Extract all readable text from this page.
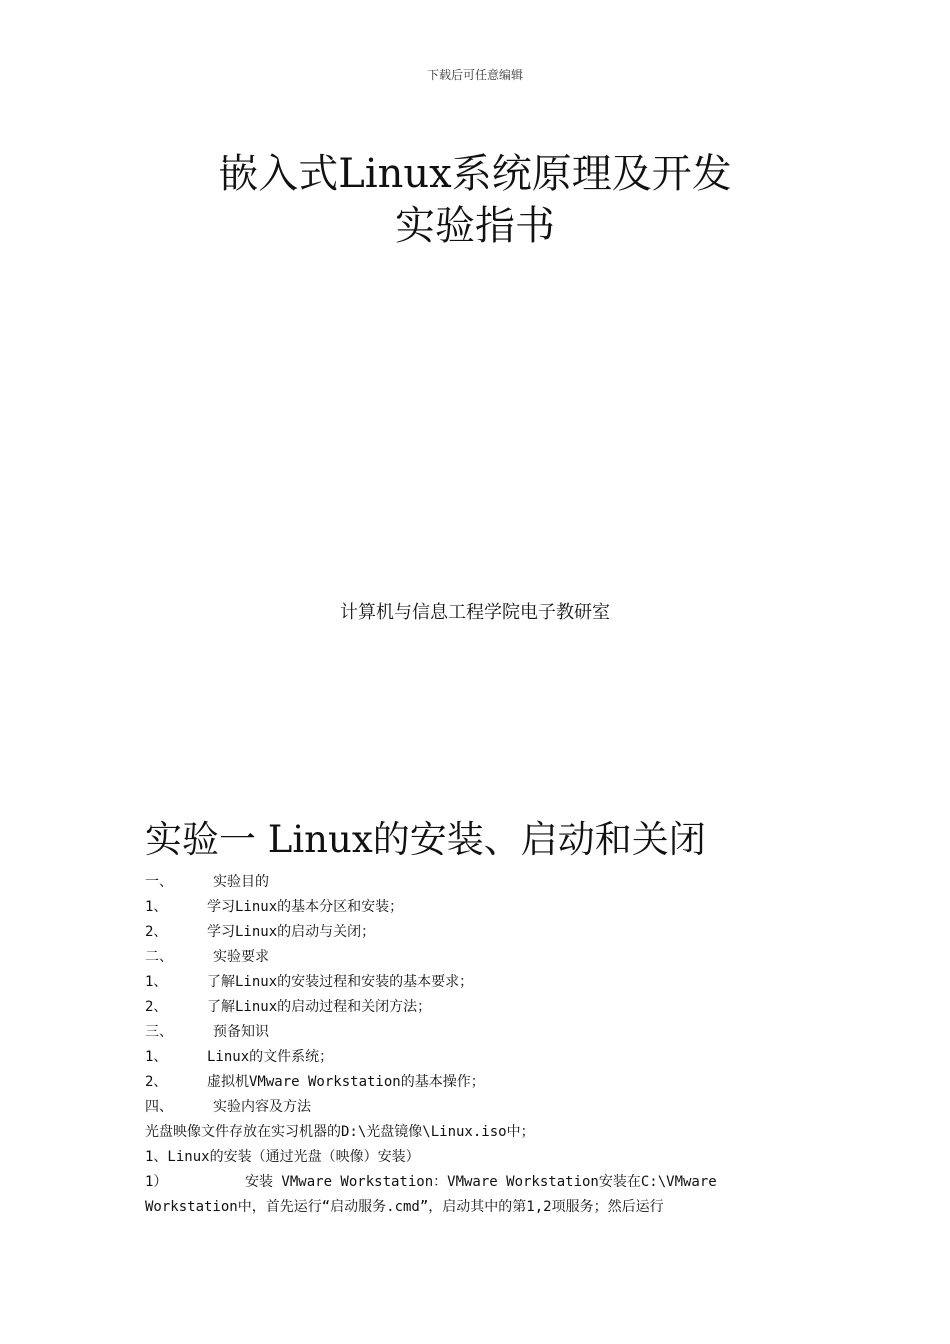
下载后可任意编辑
嵌入式Linux系统原理及开发
实验指书
计算机与信息工程学院电子教研室
实验一 Linux的安装、启动和关闭
一、	实验目的
1、	学习Linux的基本分区和安装；
2、	学习Linux的启动与关闭；
二、	实验要求
1、	了解Linux的安装过程和安装的基本要求；
2、	了解Linux的启动过程和关闭方法；
三、	预备知识
1、	Linux的文件系统；
2、	虚拟机VMware Workstation的基本操作；
四、	实验内容及方法
光盘映像文件存放在实习机器的D:\光盘镜像\Linux.iso中；
1、Linux的安装（通过光盘（映像）安装）
1）	安装 VMware Workstation：VMware Workstation安装在C:\VMware
Workstation中，首先运行“启动服务.cmd”，启动其中的第1,2项服务；然后运行
